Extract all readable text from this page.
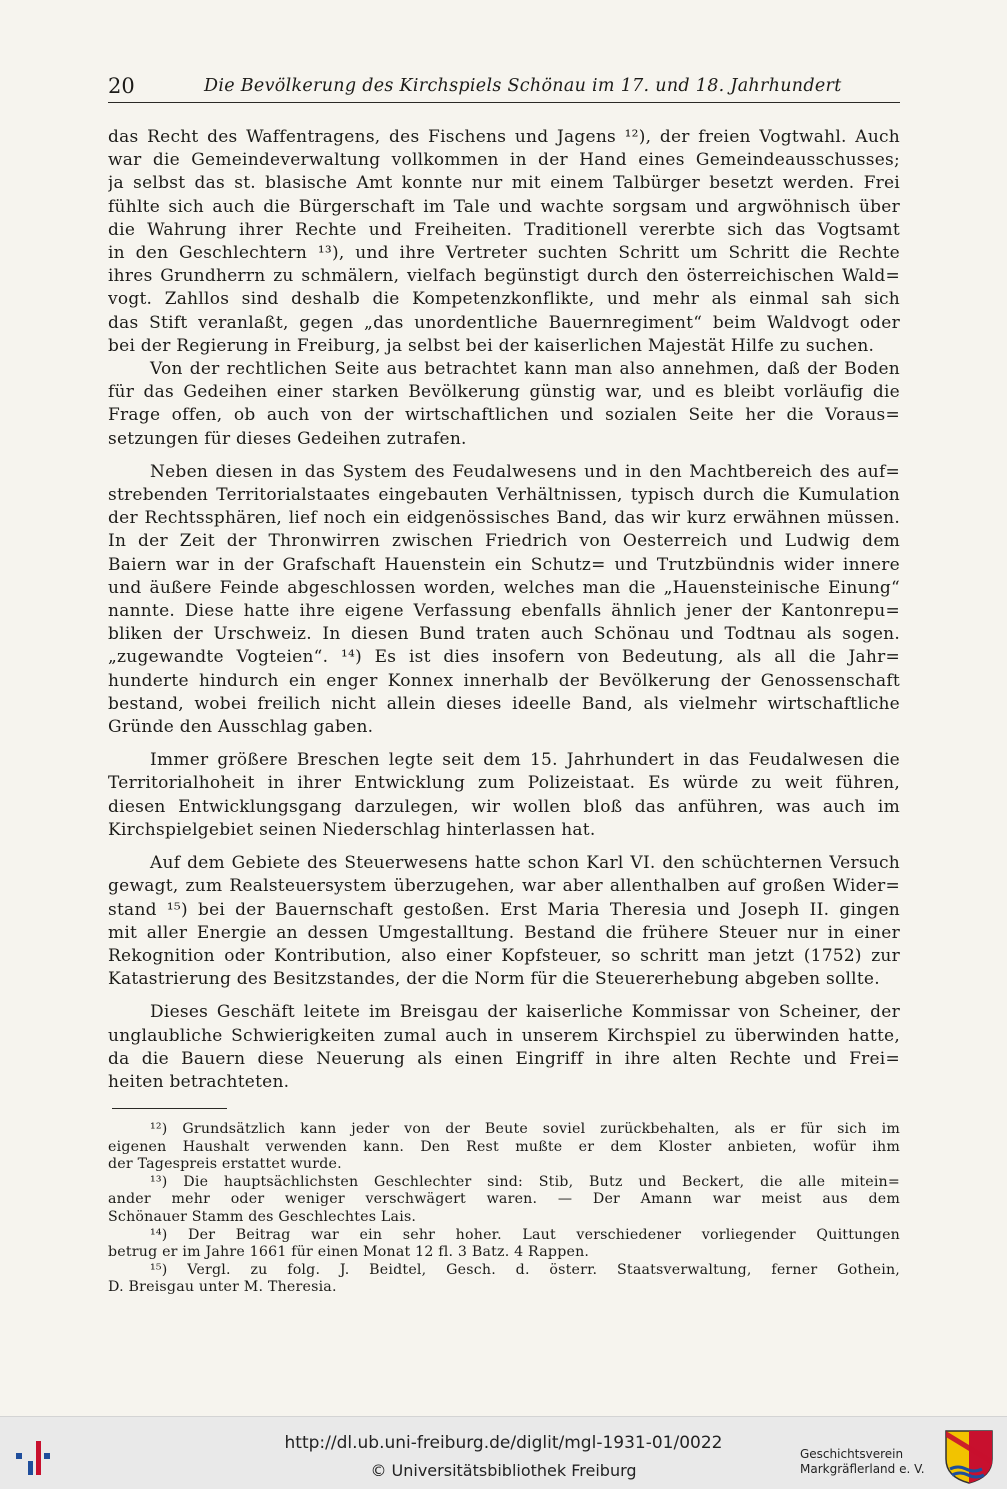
20	Die Bevölkerung des Kirchspiels Schönau im 17. und 18. Jahrhundert

das Recht des Waffentragens, des Fischens und Jagens ¹²), der freien Vogtwahl. Auch
war die Gemeindeverwaltung vollkommen in der Hand eines Gemeindeausschusses;
ja selbst das st. blasische Amt konnte nur mit einem Talbürger besetzt werden. Frei
fühlte sich auch die Bürgerschaft im Tale und wachte sorgsam und argwöhnisch über
die Wahrung ihrer Rechte und Freiheiten. Traditionell vererbte sich das Vogtsamt
in den Geschlechtern ¹³), und ihre Vertreter suchten Schritt um Schritt die Rechte
ihres Grundherrn zu schmälern, vielfach begünstigt durch den österreichischen Wald=
vogt. Zahllos sind deshalb die Kompetenzkonflikte, und mehr als einmal sah sich
das Stift veranlaßt, gegen „das unordentliche Bauernregiment“ beim Waldvogt oder
bei der Regierung in Freiburg, ja selbst bei der kaiserlichen Majestät Hilfe zu suchen.
Von der rechtlichen Seite aus betrachtet kann man also annehmen, daß der Boden
für das Gedeihen einer starken Bevölkerung günstig war, und es bleibt vorläufig die
Frage offen, ob auch von der wirtschaftlichen und sozialen Seite her die Voraus=
setzungen für dieses Gedeihen zutrafen.

Neben diesen in das System des Feudalwesens und in den Machtbereich des auf=
strebenden Territorialstaates eingebauten Verhältnissen, typisch durch die Kumulation
der Rechtssphären, lief noch ein eidgenössisches Band, das wir kurz erwähnen müssen.
In der Zeit der Thronwirren zwischen Friedrich von Oesterreich und Ludwig dem
Baiern war in der Grafschaft Hauenstein ein Schutz= und Trutzbündnis wider innere
und äußere Feinde abgeschlossen worden, welches man die „Hauensteinische Einung“
nannte. Diese hatte ihre eigene Verfassung ebenfalls ähnlich jener der Kantonrepu=
bliken der Urschweiz. In diesen Bund traten auch Schönau und Todtnau als sogen.
„zugewandte Vogteien“. ¹⁴) Es ist dies insofern von Bedeutung, als all die Jahr=
hunderte hindurch ein enger Konnex innerhalb der Bevölkerung der Genossenschaft
bestand, wobei freilich nicht allein dieses ideelle Band, als vielmehr wirtschaftliche
Gründe den Ausschlag gaben.

Immer größere Breschen legte seit dem 15. Jahrhundert in das Feudalwesen die
Territorialhoheit in ihrer Entwicklung zum Polizeistaat. Es würde zu weit führen,
diesen Entwicklungsgang darzulegen, wir wollen bloß das anführen, was auch im
Kirchspielgebiet seinen Niederschlag hinterlassen hat.

Auf dem Gebiete des Steuerwesens hatte schon Karl VI. den schüchternen Versuch
gewagt, zum Realsteuersystem überzugehen, war aber allenthalben auf großen Wider=
stand ¹⁵) bei der Bauernschaft gestoßen. Erst Maria Theresia und Joseph II. gingen
mit aller Energie an dessen Umgestalltung. Bestand die frühere Steuer nur in einer
Rekognition oder Kontribution, also einer Kopfsteuer, so schritt man jetzt (1752) zur
Katastrierung des Besitzstandes, der die Norm für die Steuererhebung abgeben sollte.

Dieses Geschäft leitete im Breisgau der kaiserliche Kommissar von Scheiner, der
unglaubliche Schwierigkeiten zumal auch in unserem Kirchspiel zu überwinden hatte,
da die Bauern diese Neuerung als einen Eingriff in ihre alten Rechte und Frei=
heiten betrachteten.

¹²) Grundsätzlich kann jeder von der Beute soviel zurückbehalten, als er für sich im
eigenen Haushalt verwenden kann. Den Rest mußte er dem Kloster anbieten, wofür ihm
der Tagespreis erstattet wurde.

¹³) Die hauptsächlichsten Geschlechter sind: Stib, Butz und Beckert, die alle mitein=
ander mehr oder weniger verschwägert waren. — Der Amann war meist aus dem
Schönauer Stamm des Geschlechtes Lais.

¹⁴) Der Beitrag war ein sehr hoher. Laut verschiedener vorliegender Quittungen
betrug er im Jahre 1661 für einen Monat 12 fl. 3 Batz. 4 Rappen.

¹⁵) Vergl. zu folg. J. Beidtel, Gesch. d. österr. Staatsverwaltung, ferner Gothein,
D. Breisgau unter M. Theresia.

http://dl.ub.uni-freiburg.de/diglit/mgl-1931-01/0022
© Universitätsbibliothek Freiburg
Geschichtsverein
Markgräflerland e. V.
